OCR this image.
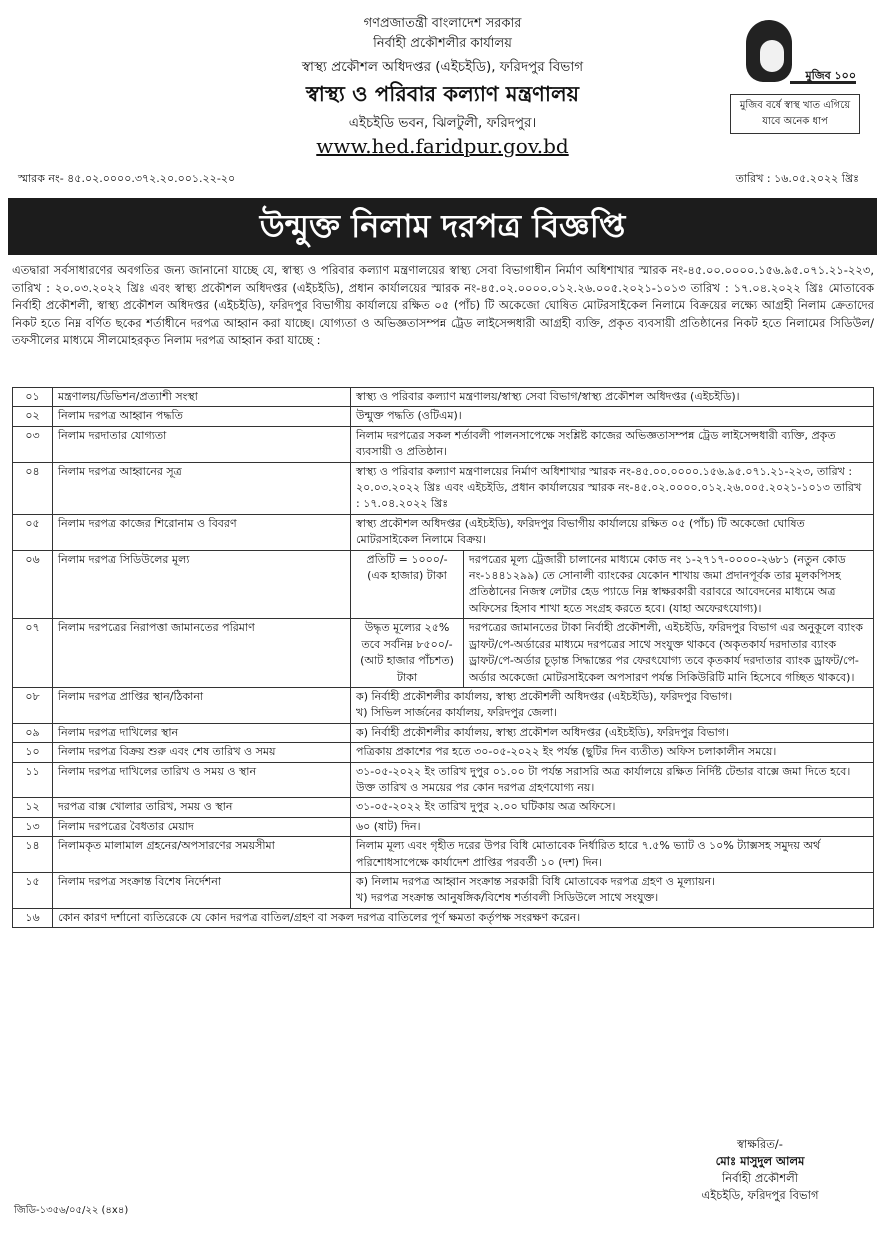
গণপ্রজাতন্ত্রী বাংলাদেশ সরকার
নির্বাহী প্রকৌশলীর কার্যালয়
স্বাস্থ্য প্রকৌশল অধিদপ্তর (এইচইডি), ফরিদপুর বিভাগ
স্বাস্থ্য ও পরিবার কল্যাণ মন্ত্রণালয়
এইচইডি ভবন, ঝিলটুলী, ফরিদপুর।
www.hed.faridpur.gov.bd
মুজিব ১০০
মুজিব বর্ষে স্বাস্থ খাত এগিয়ে যাবে অনেক ধাপ
স্মারক নং- ৪৫.০২.০০০০.৩৭২.২০.০০১.২২-২০	তারিখ : ১৬.০৫.২০২২ খ্রিঃ
উন্মুক্ত নিলাম দরপত্র বিজ্ঞপ্তি
এতদ্বারা সর্বসাধারণের অবগতির জন্য জানানো যাচ্ছে যে, স্বাস্থ্য ও পরিবার কল্যাণ মন্ত্রণালয়ের স্বাস্থ্য সেবা বিভাগাধীন নির্মাণ অধিশাখার স্মারক নং-৪৫.০০.০০০০.১৫৬.৯৫.০৭১.২১-২২৩, তারিখ : ২০.০৩.২০২২ খ্রিঃ এবং স্বাস্থ্য প্রকৌশল অধিদপ্তর (এইচইডি), প্রধান কার্যালয়ের স্মারক নং-৪৫.০২.০০০০.০১২.২৬.০০৫.২০২১-১০১৩ তারিখ : ১৭.০৪.২০২২ খ্রিঃ মোতাবেক নির্বাহী প্রকৌশলী, স্বাস্থ্য প্রকৌশল অধিদপ্তর (এইচইডি), ফরিদপুর বিভাগীয় কার্যালয়ে রক্ষিত ০৫ (পাঁচ) টি অকেজো ঘোষিত মোটরসাইকেল নিলামে বিক্রয়ের লক্ষ্যে আগ্রহী নিলাম ক্রেতাদের নিকট হতে নিম্ন বর্ণিত ছকের শর্তাধীনে দরপত্র আহ্বান করা যাচ্ছে। যোগ্যতা ও অভিজ্ঞতাসম্পন্ন ট্রেড লাইসেন্সধারী আগ্রহী ব্যক্তি, প্রকৃত ব্যবসায়ী প্রতিষ্ঠানের নিকট হতে নিলামের সিডিউল/তফসীলের মাধ্যমে সীলমোহরকৃত নিলাম দরপত্র আহ্বান করা যাচ্ছে :
০১	মন্ত্রণালয়/ডিভিশন/প্রত্যাশী সংস্থা	স্বাস্থ্য ও পরিবার কল্যাণ মন্ত্রণালয়/স্বাস্থ্য সেবা বিভাগ/স্বাস্থ্য প্রকৌশল অধিদপ্তর (এইচইডি)।	
০২	নিলাম দরপত্র আহ্বান পদ্ধতি	উন্মুক্ত পদ্ধতি (ওটিএম)।	
০৩	নিলাম দরদাতার যোগ্যতা	নিলাম দরপত্রের সকল শর্তাবলী পালনসাপেক্ষে সংশ্লিষ্ট কাজের অভিজ্ঞতাসম্পন্ন ট্রেড লাইসেন্সধারী ব্যক্তি, প্রকৃত ব্যবসায়ী ও প্রতিষ্ঠান।	
০৪	নিলাম দরপত্র আহ্বানের সূত্র	স্বাস্থ্য ও পরিবার কল্যাণ মন্ত্রণালয়ের নির্মাণ অধিশাখার স্মারক নং-৪৫.০০.০০০০.১৫৬.৯৫.০৭১.২১-২২৩, তারিখ : ২০.০৩.২০২২ খ্রিঃ এবং এইচইডি, প্রধান কার্যালয়ের স্মারক নং-৪৫.০২.০০০০.০১২.২৬.০০৫.২০২১-১০১৩ তারিখ : ১৭.০৪.২০২২ খ্রিঃ	
০৫	নিলাম দরপত্র কাজের শিরোনাম ও বিবরণ	স্বাস্থ্য প্রকৌশল অধিদপ্তর (এইচইডি), ফরিদপুর বিভাগীয় কার্যালয়ে রক্ষিত ০৫ (পাঁচ) টি অকেজো ঘোষিত মোটরসাইকেল নিলামে বিক্রয়।	
০৬	নিলাম দরপত্র সিডিউলের মূল্য	প্রতিটি = ১০০০/- (এক হাজার) টাকা	দরপত্রের মূল্য ট্রেজারী চালানের মাধ্যমে কোড নং ১-২৭১৭-০০০০-২৬৮১ (নতুন কোড নং-১৪৪১২৯৯) তে সোনালী ব্যাংকের যেকোন শাখায় জমা প্রদানপূর্বক তার মূলকপিসহ প্রতিষ্ঠানের নিজস্ব লেটার হেড প্যাডে নিম্ন স্বাক্ষরকারী বরাবরে আবেদনের মাধ্যমে অত্র অফিসের হিসাব শাখা হতে সংগ্রহ করতে হবে। (যাহা অফেরৎযোগ্য)।
০৭	নিলাম দরপত্রের নিরাপত্তা জামানতের পরিমাণ	উদ্ধৃত মূল্যের ২৫% তবে সর্বনিম্ন ৮৫০০/- (আট হাজার পাঁচশত) টাকা	দরপত্রের জামানতের টাকা নির্বাহী প্রকৌশলী, এইচইডি, ফরিদপুর বিভাগ এর অনুকূলে ব্যাংক ড্রাফট/পে-অর্ডারের মাধ্যমে দরপত্রের সাথে সংযুক্ত থাকবে (অকৃতকার্য দরদাতার ব্যাংক ড্রাফট/পে-অর্ডার চূড়ান্ত সিদ্ধান্তের পর ফেরৎযোগ্য তবে কৃতকার্য দরদাতার ব্যাংক ড্রাফট/পে-অর্ডার অকেজো মোটরসাইকেল অপসারণ পর্যন্ত সিকিউরিটি মানি হিসেবে গচ্ছিত থাকবে)।
০৮	নিলাম দরপত্র প্রাপ্তির স্থান/ঠিকানা	ক) নির্বাহী প্রকৌশলীর কার্যালয়, স্বাস্থ্য প্রকৌশলী অধিদপ্তর (এইচইডি), ফরিদপুর বিভাগ।
খ) সিভিল সার্জনের কার্যালয়, ফরিদপুর জেলা।	

০৯	নিলাম দরপত্র দাখিলের স্থান	ক) নির্বাহী প্রকৌশলীর কার্যালয়, স্বাস্থ্য প্রকৌশল অধিদপ্তর (এইচইডি), ফরিদপুর বিভাগ।	
১০	নিলাম দরপত্র বিক্রয় শুরু এবং শেষ তারিখ ও সময়	পত্রিকায় প্রকাশের পর হতে ৩০-০৫-২০২২ ইং পর্যন্ত (ছুটির দিন ব্যতীত) অফিস চলাকালীন সময়ে।	
১১	নিলাম দরপত্র দাখিলের তারিখ ও সময় ও স্থান	৩১-০৫-২০২২ ইং তারিখ দুপুর ০১.০০ টা পর্যন্ত সরাসরি অত্র কার্যালয়ে রক্ষিত নির্দিষ্ট টেন্ডার বাক্সে জমা দিতে হবে। উক্ত তারিখ ও সময়ের পর কোন দরপত্র গ্রহণযোগ্য নয়।	
১২	দরপত্র বাক্স খোলার তারিখ, সময় ও স্থান	৩১-০৫-২০২২ ইং তারিখ দুপুর ২.০০ ঘটিকায় অত্র অফিসে।	
১৩	নিলাম দরপত্রের বৈধতার মেয়াদ	৬০ (ষাট) দিন।	
১৪	নিলামকৃত মালামাল গ্রহনের/অপসারণের সময়সীমা	নিলাম মূল্য এবং গৃহীত দরের উপর বিধি মোতাবেক নির্ধারিত হারে ৭.৫% ভ্যাট ও ১০% ট্যাক্সসহ সমুদয় অর্থ পরিশোধসাপেক্ষে কার্যাদেশ প্রাপ্তির পরবর্তী ১০ (দশ) দিন।	
১৫	নিলাম দরপত্র সংক্রান্ত বিশেষ নির্দেশনা	ক) নিলাম দরপত্র আহ্বান সংক্রান্ত সরকারী বিধি মোতাবেক দরপত্র গ্রহণ ও মূল্যায়ন।
খ) দরপত্র সংক্রান্ত আনুষঙ্গিক/বিশেষ শর্তাবলী সিডিউলে সাথে সংযুক্ত।	

১৬	কোন কারণ দর্শানো ব্যতিরেকে যে কোন দরপত্র বাতিল/গ্রহণ বা সকল দরপত্র বাতিলের পূর্ণ ক্ষমতা কর্তৃপক্ষ সংরক্ষণ করেন।		
স্বাক্ষরিত/-
মোঃ মাসুদুল আলম
নির্বাহী প্রকৌশলী
এইচইডি, ফরিদপুর বিভাগ
জিডি-১৩৫৬/০৫/২২ (৪x৪)
